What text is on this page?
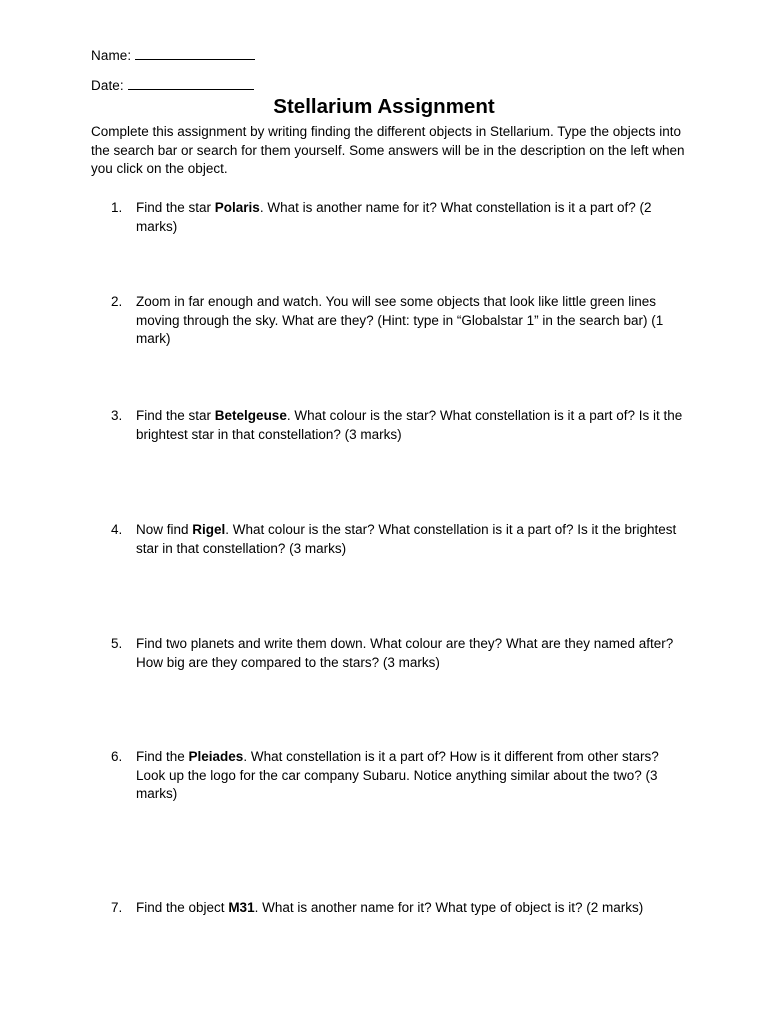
Name:
Date:
Stellarium Assignment
Complete this assignment by writing finding the different objects in Stellarium. Type the objects into the search bar or search for them yourself. Some answers will be in the description on the left when you click on the object.
1.	Find the star Polaris. What is another name for it? What constellation is it a part of? (2 marks)
2.	Zoom in far enough and watch. You will see some objects that look like little green lines moving through the sky. What are they? (Hint: type in “Globalstar 1” in the search bar) (1 mark)
3.	Find the star Betelgeuse. What colour is the star? What constellation is it a part of? Is it the brightest star in that constellation? (3 marks)
4.	Now find Rigel. What colour is the star? What constellation is it a part of? Is it the brightest star in that constellation? (3 marks)
5.	Find two planets and write them down. What colour are they? What are they named after? How big are they compared to the stars? (3 marks)
6.	Find the Pleiades. What constellation is it a part of? How is it different from other stars? Look up the logo for the car company Subaru. Notice anything similar about the two? (3 marks)
7.	Find the object M31. What is another name for it? What type of object is it? (2 marks)
